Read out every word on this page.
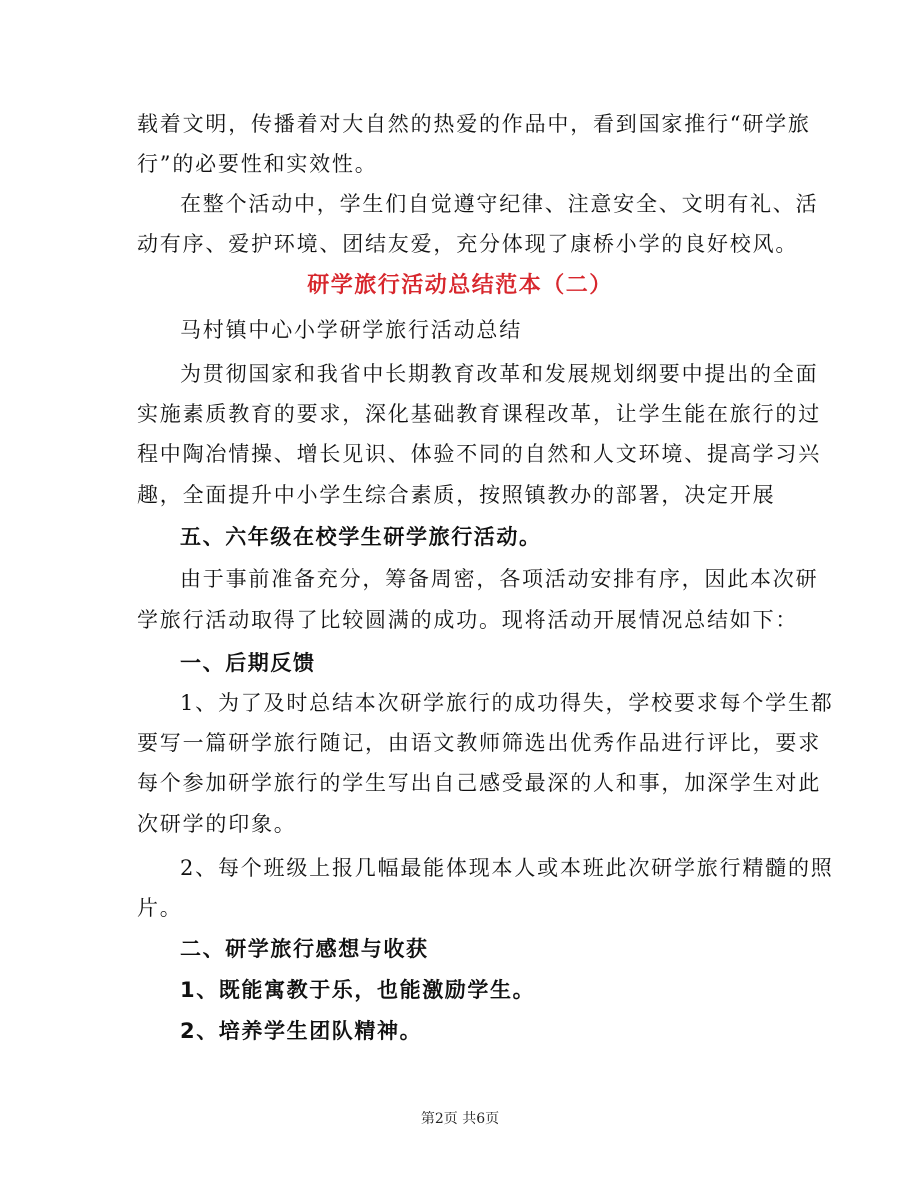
载着文明，传播着对大自然的热爱的作品中，看到国家推行“研学旅
行”的必要性和实效性。
在整个活动中，学生们自觉遵守纪律、注意安全、文明有礼、活
动有序、爱护环境、团结友爱，充分体现了康桥小学的良好校风。
研学旅行活动总结范本（二）
马村镇中心小学研学旅行活动总结
为贯彻国家和我省中长期教育改革和发展规划纲要中提出的全面
实施素质教育的要求，深化基础教育课程改革，让学生能在旅行的过
程中陶冶情操、增长见识、体验不同的自然和人文环境、提高学习兴
趣，全面提升中小学生综合素质，按照镇教办的部署，决定开展
五、六年级在校学生研学旅行活动。
由于事前准备充分，筹备周密，各项活动安排有序，因此本次研
学旅行活动取得了比较圆满的成功。现将活动开展情况总结如下：
一、后期反馈
1、为了及时总结本次研学旅行的成功得失，学校要求每个学生都
要写一篇研学旅行随记，由语文教师筛选出优秀作品进行评比，要求
每个参加研学旅行的学生写出自己感受最深的人和事，加深学生对此
次研学的印象。
2、每个班级上报几幅最能体现本人或本班此次研学旅行精髓的照
片。
二、研学旅行感想与收获
1、既能寓教于乐，也能激励学生。
2、培养学生团队精神。
第2页 共6页
